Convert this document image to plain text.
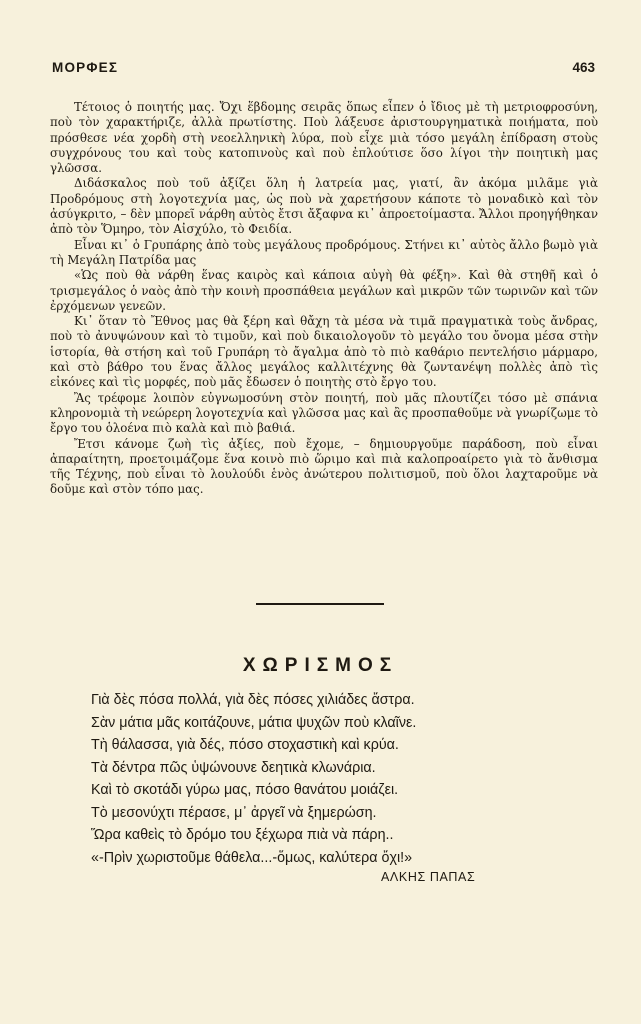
ΜΟΡΦΕΣ	463

Τέτοιος ὁ ποιητής μας. Ὄχι ἕβδομης σειρᾶς ὅπως εἶπεν ὁ ἴδιος μὲ τὴ μετριοφροσύνη, ποὺ τὸν χαρακτήριζε, ἀλλὰ πρωτίστης. Ποὺ λάξευσε ἀριστουργηματικὰ ποιήματα, ποὺ πρόσθεσε νέα χορδὴ στὴ νεοελληνικὴ λύρα, ποὺ εἶχε μιὰ τόσο μεγάλη ἐπίδραση στοὺς συγχρόνους του καὶ τοὺς κατοπινοὺς καὶ ποὺ ἐπλούτισε ὅσο λίγοι τὴν ποιητικὴ μας γλῶσσα.

Διδάσκαλος ποὺ τοῦ ἀξίζει ὅλη ἡ λατρεία μας, γιατί, ἂν ἀκόμα μιλᾶμε γιὰ Προδρόμους στὴ λογοτεχνία μας, ὡς ποὺ νὰ χαρετήσουν κάποτε τὸ μοναδικὸ καὶ τὸν ἀσύγκριτο, – δὲν μπορεῖ νάρθη αὐτὸς ἔτσι ἄξαφνα κι᾽ ἀπροετοίμαστα. Ἄλλοι προηγήθηκαν ἀπὸ τὸν Ὅμηρο, τὸν Αἰσχύλο, τὸ Φειδία.

Εἶναι κι᾽ ὁ Γρυπάρης ἀπὸ τοὺς μεγάλους προδρόμους. Στήνει κι᾽ αὐτὸς ἄλλο βωμὸ γιὰ τὴ Μεγάλη Πατρίδα μας

«Ὡς ποὺ θὰ νάρθη ἕνας καιρὸς καὶ κάποια αὐγὴ θὰ φέξη». Καὶ θὰ στηθῆ καὶ ὁ τρισμεγάλος ὁ ναὸς ἀπὸ τὴν κοινὴ προσπάθεια μεγάλων καὶ μικρῶν τῶν τωρινῶν καὶ τῶν ἐρχόμενων γενεῶν.

Κι᾽ ὅταν τὸ Ἔθνος μας θὰ ξέρη καὶ θἄχη τὰ μέσα νὰ τιμᾶ πραγματικὰ τοὺς ἄνδρας, ποὺ τὸ ἀνυψώνουν καὶ τὸ τιμοῦν, καὶ ποὺ δικαιολογοῦν τὸ μεγάλο του ὄνομα μέσα στὴν ἱστορία, θὰ στήση καὶ τοῦ Γρυπάρη τὸ ἄγαλμα ἀπὸ τὸ πιὸ καθάριο πεντελήσιο μάρμαρο, καὶ στὸ βάθρο του ἕνας ἄλλος μεγάλος καλλιτέχνης θὰ ζωντανέψη πολλὲς ἀπὸ τὶς εἰκόνες καὶ τὶς μορφές, ποὺ μᾶς ἔδωσεν ὁ ποιητὴς στὸ ἔργο του.

Ἂς τρέφομε λοιπὸν εὐγνωμοσύνη στὸν ποιητή, ποὺ μᾶς πλουτίζει τόσο μὲ σπάνια κληρονομιὰ τὴ νεώρερη λογοτεχνία καὶ γλῶσσα μας καὶ ἂς προσπαθοῦμε νὰ γνωρίζωμε τὸ ἔργο του ὁλοένα πιὸ καλὰ καὶ πιὸ βαθιά.

Ἔτσι κάνομε ζωὴ τὶς ἀξίες, ποὺ ἔχομε, – δημιουργοῦμε παράδοση, ποὺ εἶναι ἀπαραίτητη, προετοιμάζομε ἕνα κοινὸ πιὸ ὥριμο καὶ πιὰ καλοπροαίρετο γιὰ τὸ ἄνθισμα τῆς Τέχνης, ποὺ εἶναι τὸ λουλούδι ἑνὸς ἀνώτερου πολιτισμοῦ, ποὺ ὅλοι λαχταροῦμε νὰ δοῦμε καὶ στὸν τόπο μας.

ΧΩΡΙΣΜΟΣ
Γιὰ δὲς πόσα πολλά, γιὰ δὲς πόσες χιλιάδες ἄστρα.
Σὰν μάτια μᾶς κοιτάζουνε, μάτια ψυχῶν ποὺ κλαῖνε.
Τὴ θάλασσα, γιὰ δές, πόσο στοχαστικὴ καὶ κρύα.
Τὰ δέντρα πῶς ὑψώνουνε δεητικὰ κλωνάρια.
Καὶ τὸ σκοτάδι γύρω μας, πόσο θανάτου μοιάζει.
Τὸ μεσονύχτι πέρασε, μ᾽ ἀργεῖ νὰ ξημερώση.
Ὥρα καθεὶς τὸ δρόμο του ξέχωρα πιὰ νὰ πάρη..
«-Πρὶν χωριστοῦμε θάθελα...-ὅμως, καλύτερα ὄχι!»
ΑΛΚΗΣ ΠΑΠΑΣ
